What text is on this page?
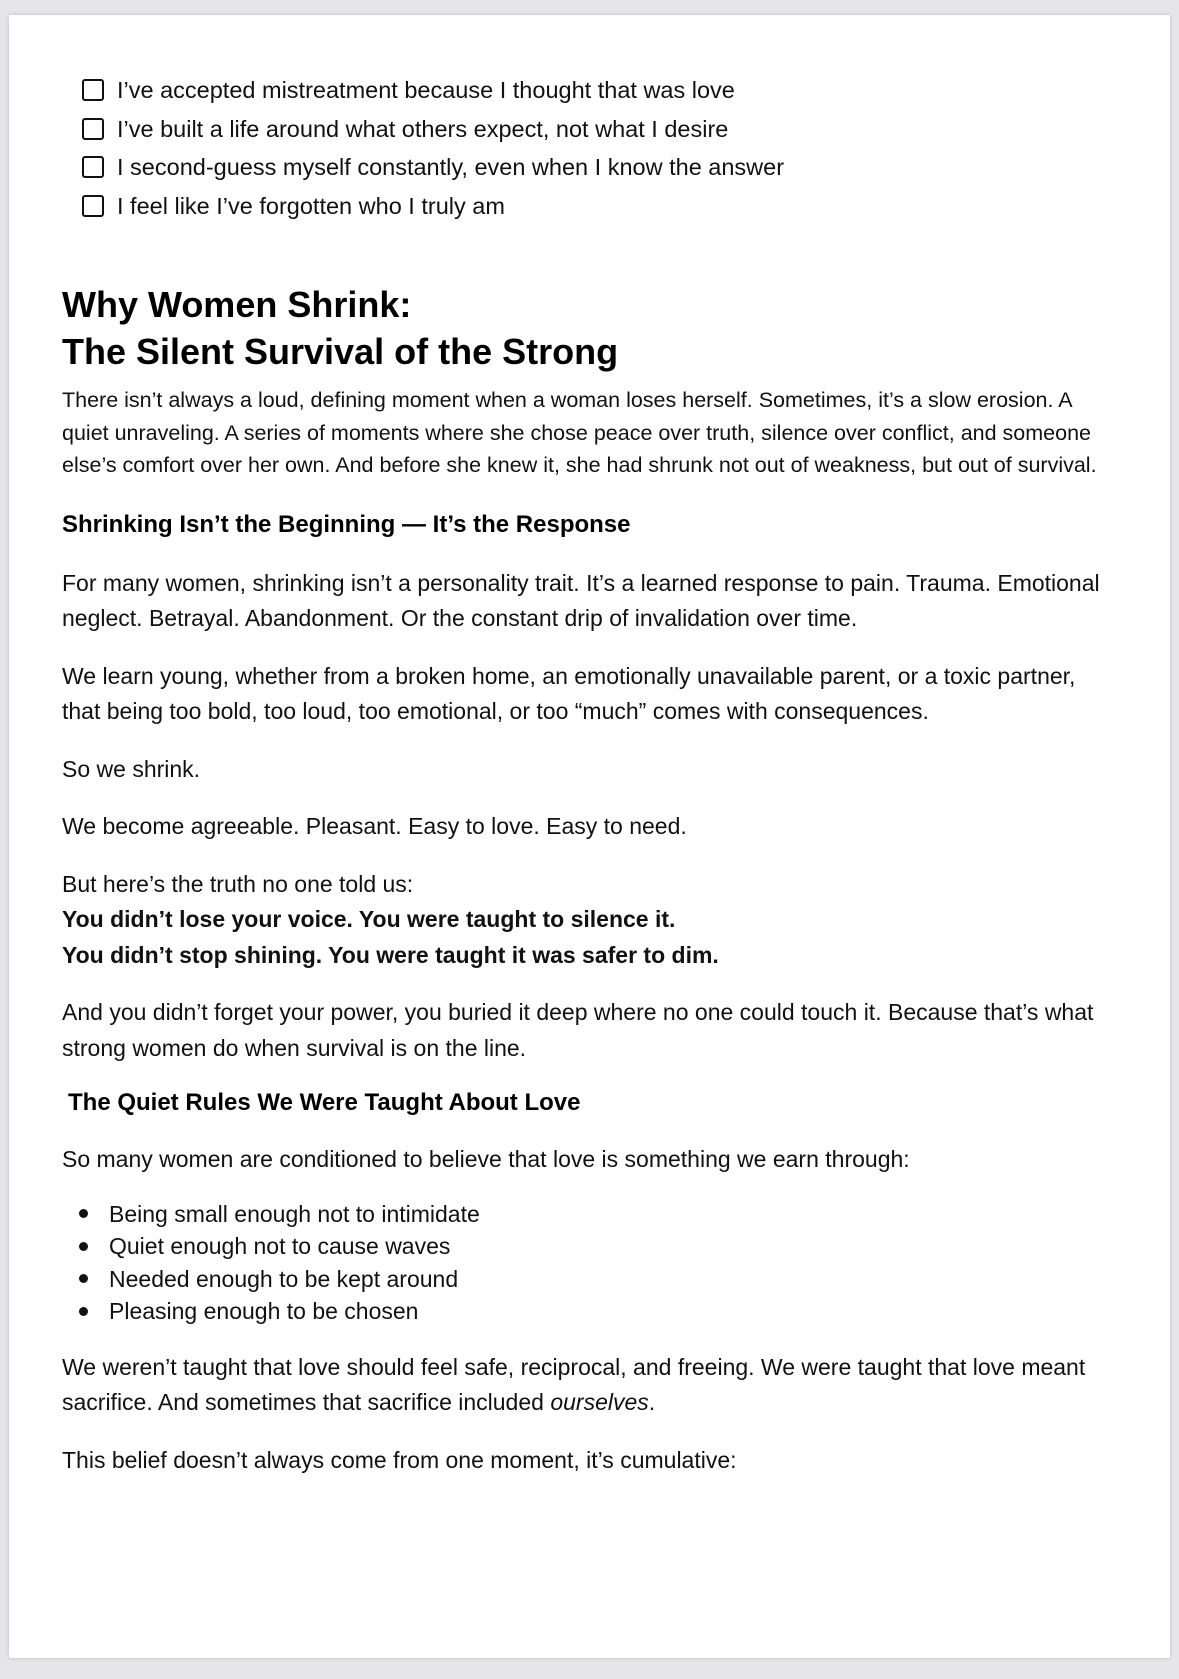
I’ve accepted mistreatment because I thought that was love
I’ve built a life around what others expect, not what I desire
I second-guess myself constantly, even when I know the answer
I feel like I’ve forgotten who I truly am
Why Women Shrink:
The Silent Survival of the Strong

There isn’t always a loud, defining moment when a woman loses herself. Sometimes, it’s a slow erosion. A quiet unraveling. A series of moments where she chose peace over truth, silence over conflict, and someone else’s comfort over her own. And before she knew it, she had shrunk not out of weakness, but out of survival.

Shrinking Isn’t the Beginning — It’s the Response

For many women, shrinking isn’t a personality trait. It’s a learned response to pain. Trauma. Emotional neglect. Betrayal. Abandonment. Or the constant drip of invalidation over time.

We learn young, whether from a broken home, an emotionally unavailable parent, or a toxic partner, that being too bold, too loud, too emotional, or too “much” comes with consequences.

So we shrink.

We become agreeable. Pleasant. Easy to love. Easy to need.

But here’s the truth no one told us:

You didn’t lose your voice. You were taught to silence it.

You didn’t stop shining. You were taught it was safer to dim.

And you didn’t forget your power, you buried it deep where no one could touch it. Because that’s what strong women do when survival is on the line.

The Quiet Rules We Were Taught About Love

So many women are conditioned to believe that love is something we earn through:

Being small enough not to intimidate
Quiet enough not to cause waves
Needed enough to be kept around
Pleasing enough to be chosen

We weren’t taught that love should feel safe, reciprocal, and freeing. We were taught that love meant sacrifice. And sometimes that sacrifice included ourselves.

This belief doesn’t always come from one moment, it’s cumulative:
